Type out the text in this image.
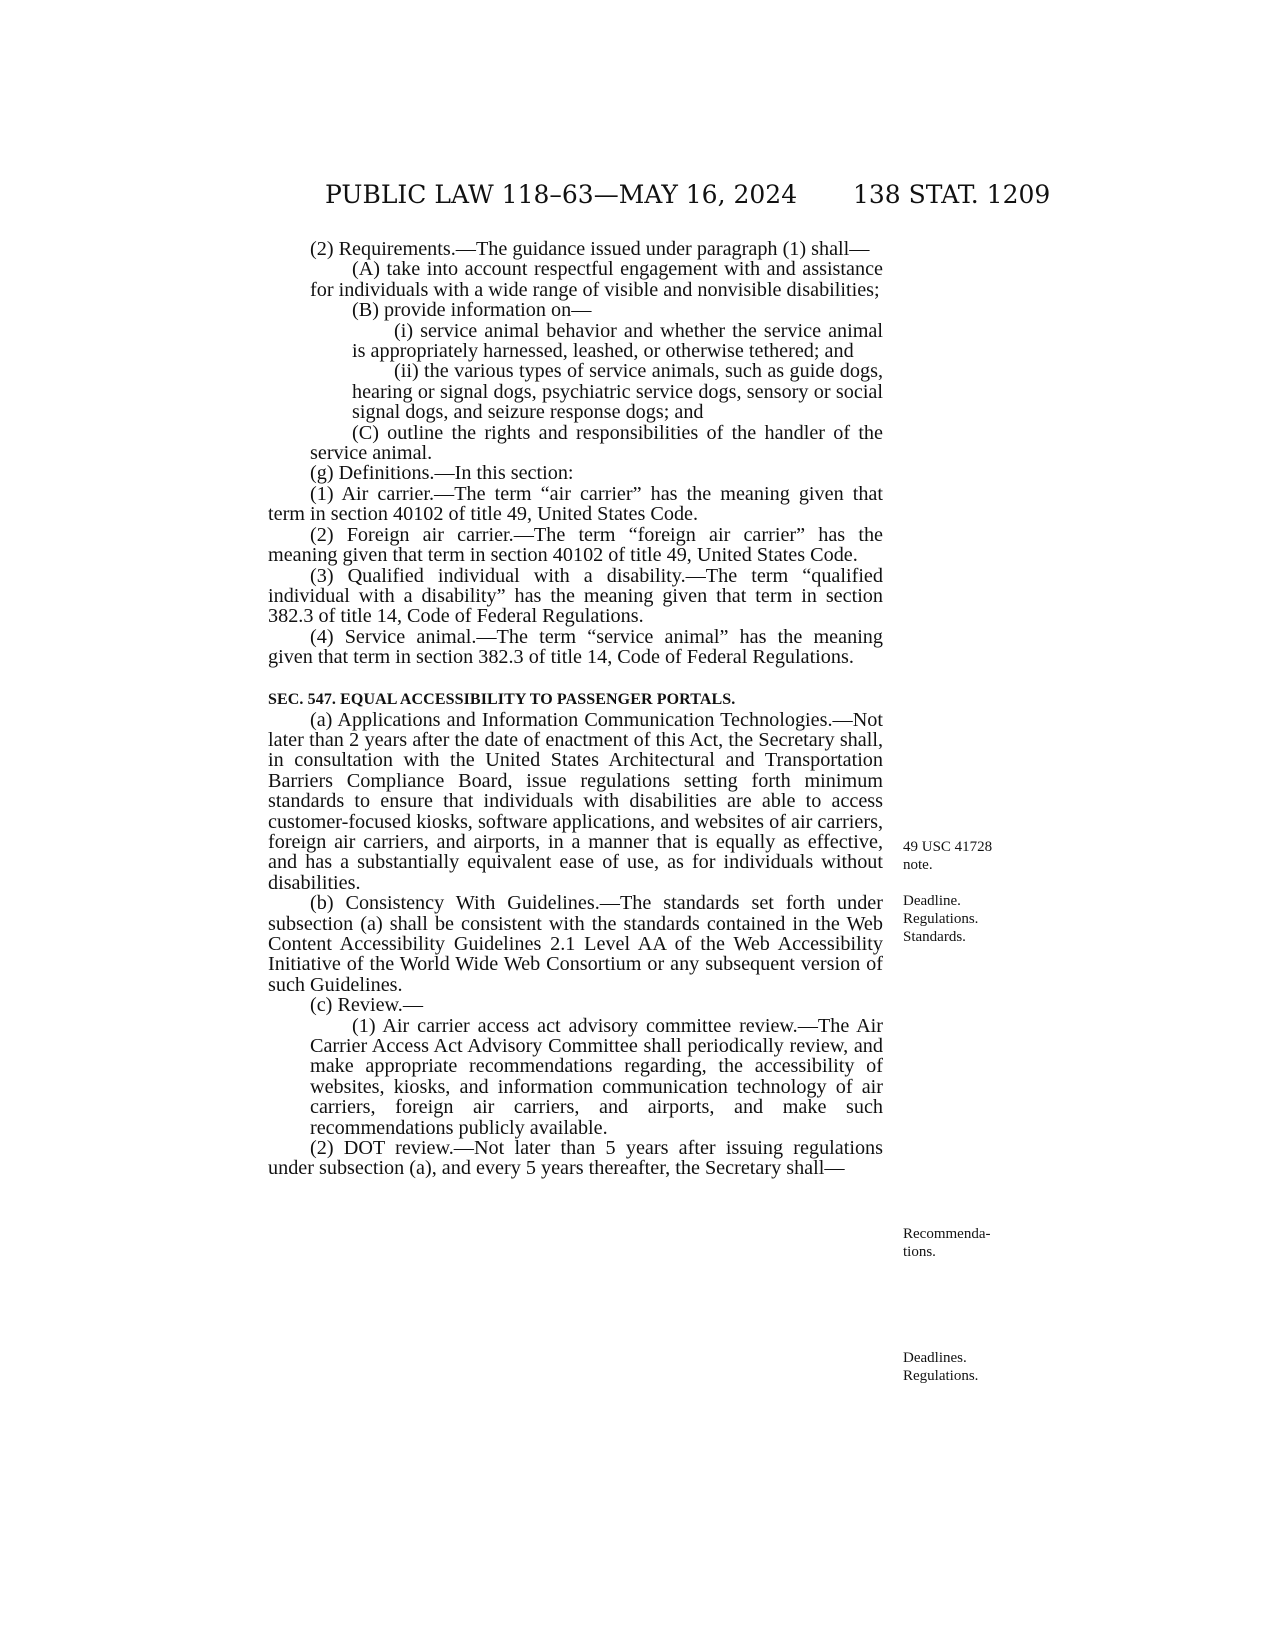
PUBLIC LAW 118–63—MAY 16, 2024 138 STAT. 1209

(2) Requirements.—The guidance issued under paragraph (1) shall—

(A) take into account respectful engagement with and assistance for individuals with a wide range of visible and nonvisible disabilities;

(B) provide information on—

(i) service animal behavior and whether the service animal is appropriately harnessed, leashed, or otherwise tethered; and

(ii) the various types of service animals, such as guide dogs, hearing or signal dogs, psychiatric service dogs, sensory or social signal dogs, and seizure response dogs; and

(C) outline the rights and responsibilities of the handler of the service animal.

(g) Definitions.—In this section:

(1) Air carrier.—The term “air carrier” has the meaning given that term in section 40102 of title 49, United States Code.

(2) Foreign air carrier.—The term “foreign air carrier” has the meaning given that term in section 40102 of title 49, United States Code.

(3) Qualified individual with a disability.—The term “qualified individual with a disability” has the meaning given that term in section 382.3 of title 14, Code of Federal Regulations.

(4) Service animal.—The term “service animal” has the meaning given that term in section 382.3 of title 14, Code of Federal Regulations.

SEC. 547. EQUAL ACCESSIBILITY TO PASSENGER PORTALS.

(a) Applications and Information Communication Technologies.—Not later than 2 years after the date of enactment of this Act, the Secretary shall, in consultation with the United States Architectural and Transportation Barriers Compliance Board, issue regulations setting forth minimum standards to ensure that individuals with disabilities are able to access customer-focused kiosks, software applications, and websites of air carriers, foreign air carriers, and airports, in a manner that is equally as effective, and has a substantially equivalent ease of use, as for individuals without disabilities.

(b) Consistency With Guidelines.—The standards set forth under subsection (a) shall be consistent with the standards contained in the Web Content Accessibility Guidelines 2.1 Level AA of the Web Accessibility Initiative of the World Wide Web Consortium or any subsequent version of such Guidelines.

(c) Review.—

(1) Air carrier access act advisory committee review.—The Air Carrier Access Act Advisory Committee shall periodically review, and make appropriate recommendations regarding, the accessibility of websites, kiosks, and information communication technology of air carriers, foreign air carriers, and airports, and make such recommendations publicly available.

(2) DOT review.—Not later than 5 years after issuing regulations under subsection (a), and every 5 years thereafter, the Secretary shall—

49 USC 41728
note.
Deadline.
Regulations.
Standards.
Recommenda-
tions.
Deadlines.
Regulations.
